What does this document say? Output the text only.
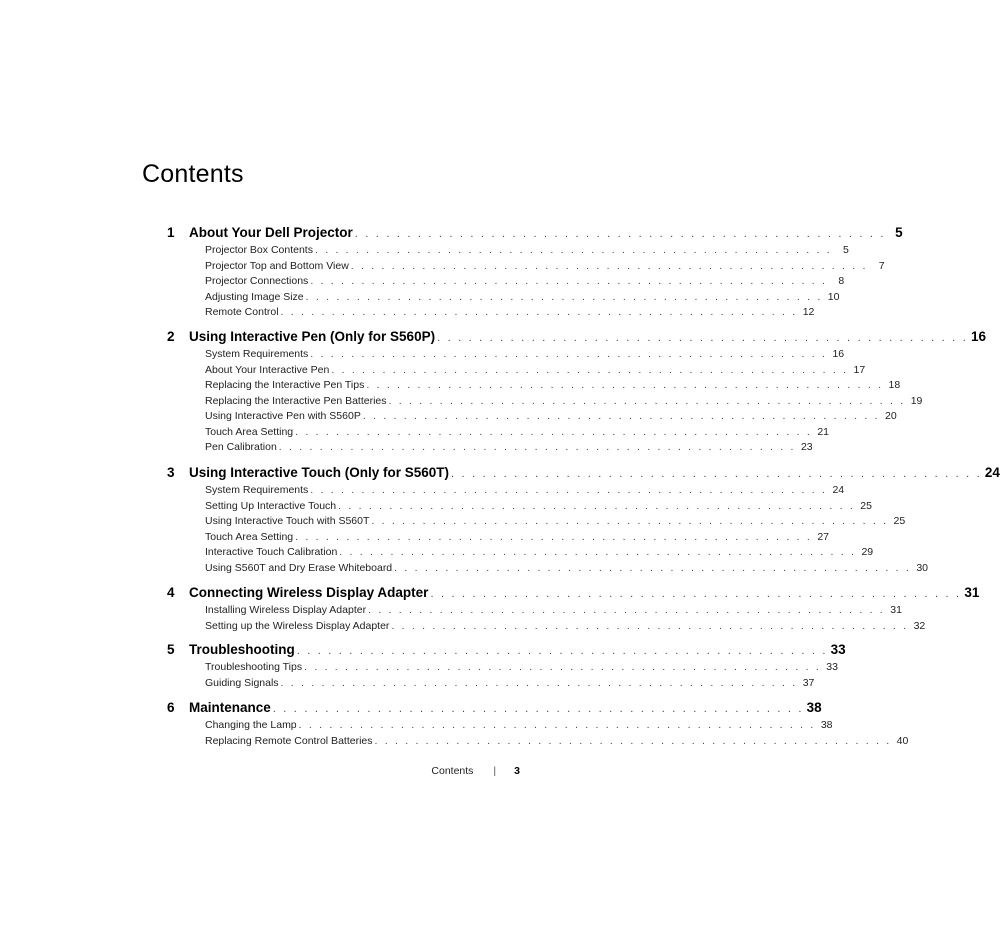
Contents
1	About Your Dell Projector . . . . . . . . . . . . . . . . . . . . . . . . . . . . . . . . . . . . . . . . . . . . . . . . . . . 5
Projector Box Contents . . . . . . . . . . . . . . . . . . . . . . . . . . . . . . . . . . . . . . . . . . . . . . . . . . .	5
Projector Top and Bottom View . . . . . . . . . . . . . . . . . . . . . . . . . . . . . . . . . . . . . . . . . . . . . . . . . . .	7
Projector Connections . . . . . . . . . . . . . . . . . . . . . . . . . . . . . . . . . . . . . . . . . . . . . . . . . . .	8
Adjusting Image Size . . . . . . . . . . . . . . . . . . . . . . . . . . . . . . . . . . . . . . . . . . . . . . . . . . . 10
Remote Control . . . . . . . . . . . . . . . . . . . . . . . . . . . . . . . . . . . . . . . . . . . . . . . . . . . 12
2	Using Interactive Pen (Only for S560P) . . . . . . . . . . . . . . . . . . . . . . . . . . . . . . . . . . . . . . . . . . . . . . . . . . . 16
System Requirements . . . . . . . . . . . . . . . . . . . . . . . . . . . . . . . . . . . . . . . . . . . . . . . . . . . 16
About Your Interactive Pen . . . . . . . . . . . . . . . . . . . . . . . . . . . . . . . . . . . . . . . . . . . . . . . . . . . 17
Replacing the Interactive Pen Tips . . . . . . . . . . . . . . . . . . . . . . . . . . . . . . . . . . . . . . . . . . . . . . . . . . . 18
Replacing the Interactive Pen Batteries . . . . . . . . . . . . . . . . . . . . . . . . . . . . . . . . . . . . . . . . . . . . . . . . . . . 19
Using Interactive Pen with S560P . . . . . . . . . . . . . . . . . . . . . . . . . . . . . . . . . . . . . . . . . . . . . . . . . . . 20
Touch Area Setting . . . . . . . . . . . . . . . . . . . . . . . . . . . . . . . . . . . . . . . . . . . . . . . . . . . 21
Pen Calibration . . . . . . . . . . . . . . . . . . . . . . . . . . . . . . . . . . . . . . . . . . . . . . . . . . . 23
3	Using Interactive Touch (Only for S560T) . . . . . . . . . . . . . . . . . . . . . . . . . . . . . . . . . . . . . . . . . . . . . . . . . . . 24
System Requirements . . . . . . . . . . . . . . . . . . . . . . . . . . . . . . . . . . . . . . . . . . . . . . . . . . . 24
Setting Up Interactive Touch . . . . . . . . . . . . . . . . . . . . . . . . . . . . . . . . . . . . . . . . . . . . . . . . . . . 25
Using Interactive Touch with S560T . . . . . . . . . . . . . . . . . . . . . . . . . . . . . . . . . . . . . . . . . . . . . . . . . . . 25
Touch Area Setting . . . . . . . . . . . . . . . . . . . . . . . . . . . . . . . . . . . . . . . . . . . . . . . . . . . 27
Interactive Touch Calibration . . . . . . . . . . . . . . . . . . . . . . . . . . . . . . . . . . . . . . . . . . . . . . . . . . . 29
Using S560T and Dry Erase Whiteboard . . . . . . . . . . . . . . . . . . . . . . . . . . . . . . . . . . . . . . . . . . . . . . . . . . . 30
4	Connecting Wireless Display Adapter . . . . . . . . . . . . . . . . . . . . . . . . . . . . . . . . . . . . . . . . . . . . . . . . . . . 31
Installing Wireless Display Adapter . . . . . . . . . . . . . . . . . . . . . . . . . . . . . . . . . . . . . . . . . . . . . . . . . . . 31
Setting up the Wireless Display Adapter . . . . . . . . . . . . . . . . . . . . . . . . . . . . . . . . . . . . . . . . . . . . . . . . . . . 32
5	Troubleshooting . . . . . . . . . . . . . . . . . . . . . . . . . . . . . . . . . . . . . . . . . . . . . . . . . . . 33
Troubleshooting Tips . . . . . . . . . . . . . . . . . . . . . . . . . . . . . . . . . . . . . . . . . . . . . . . . . . . 33
Guiding Signals . . . . . . . . . . . . . . . . . . . . . . . . . . . . . . . . . . . . . . . . . . . . . . . . . . . 37
6	Maintenance . . . . . . . . . . . . . . . . . . . . . . . . . . . . . . . . . . . . . . . . . . . . . . . . . . . 38
Changing the Lamp . . . . . . . . . . . . . . . . . . . . . . . . . . . . . . . . . . . . . . . . . . . . . . . . . . . 38
Replacing Remote Control Batteries . . . . . . . . . . . . . . . . . . . . . . . . . . . . . . . . . . . . . . . . . . . . . . . . . . . 40
Contents | 3
